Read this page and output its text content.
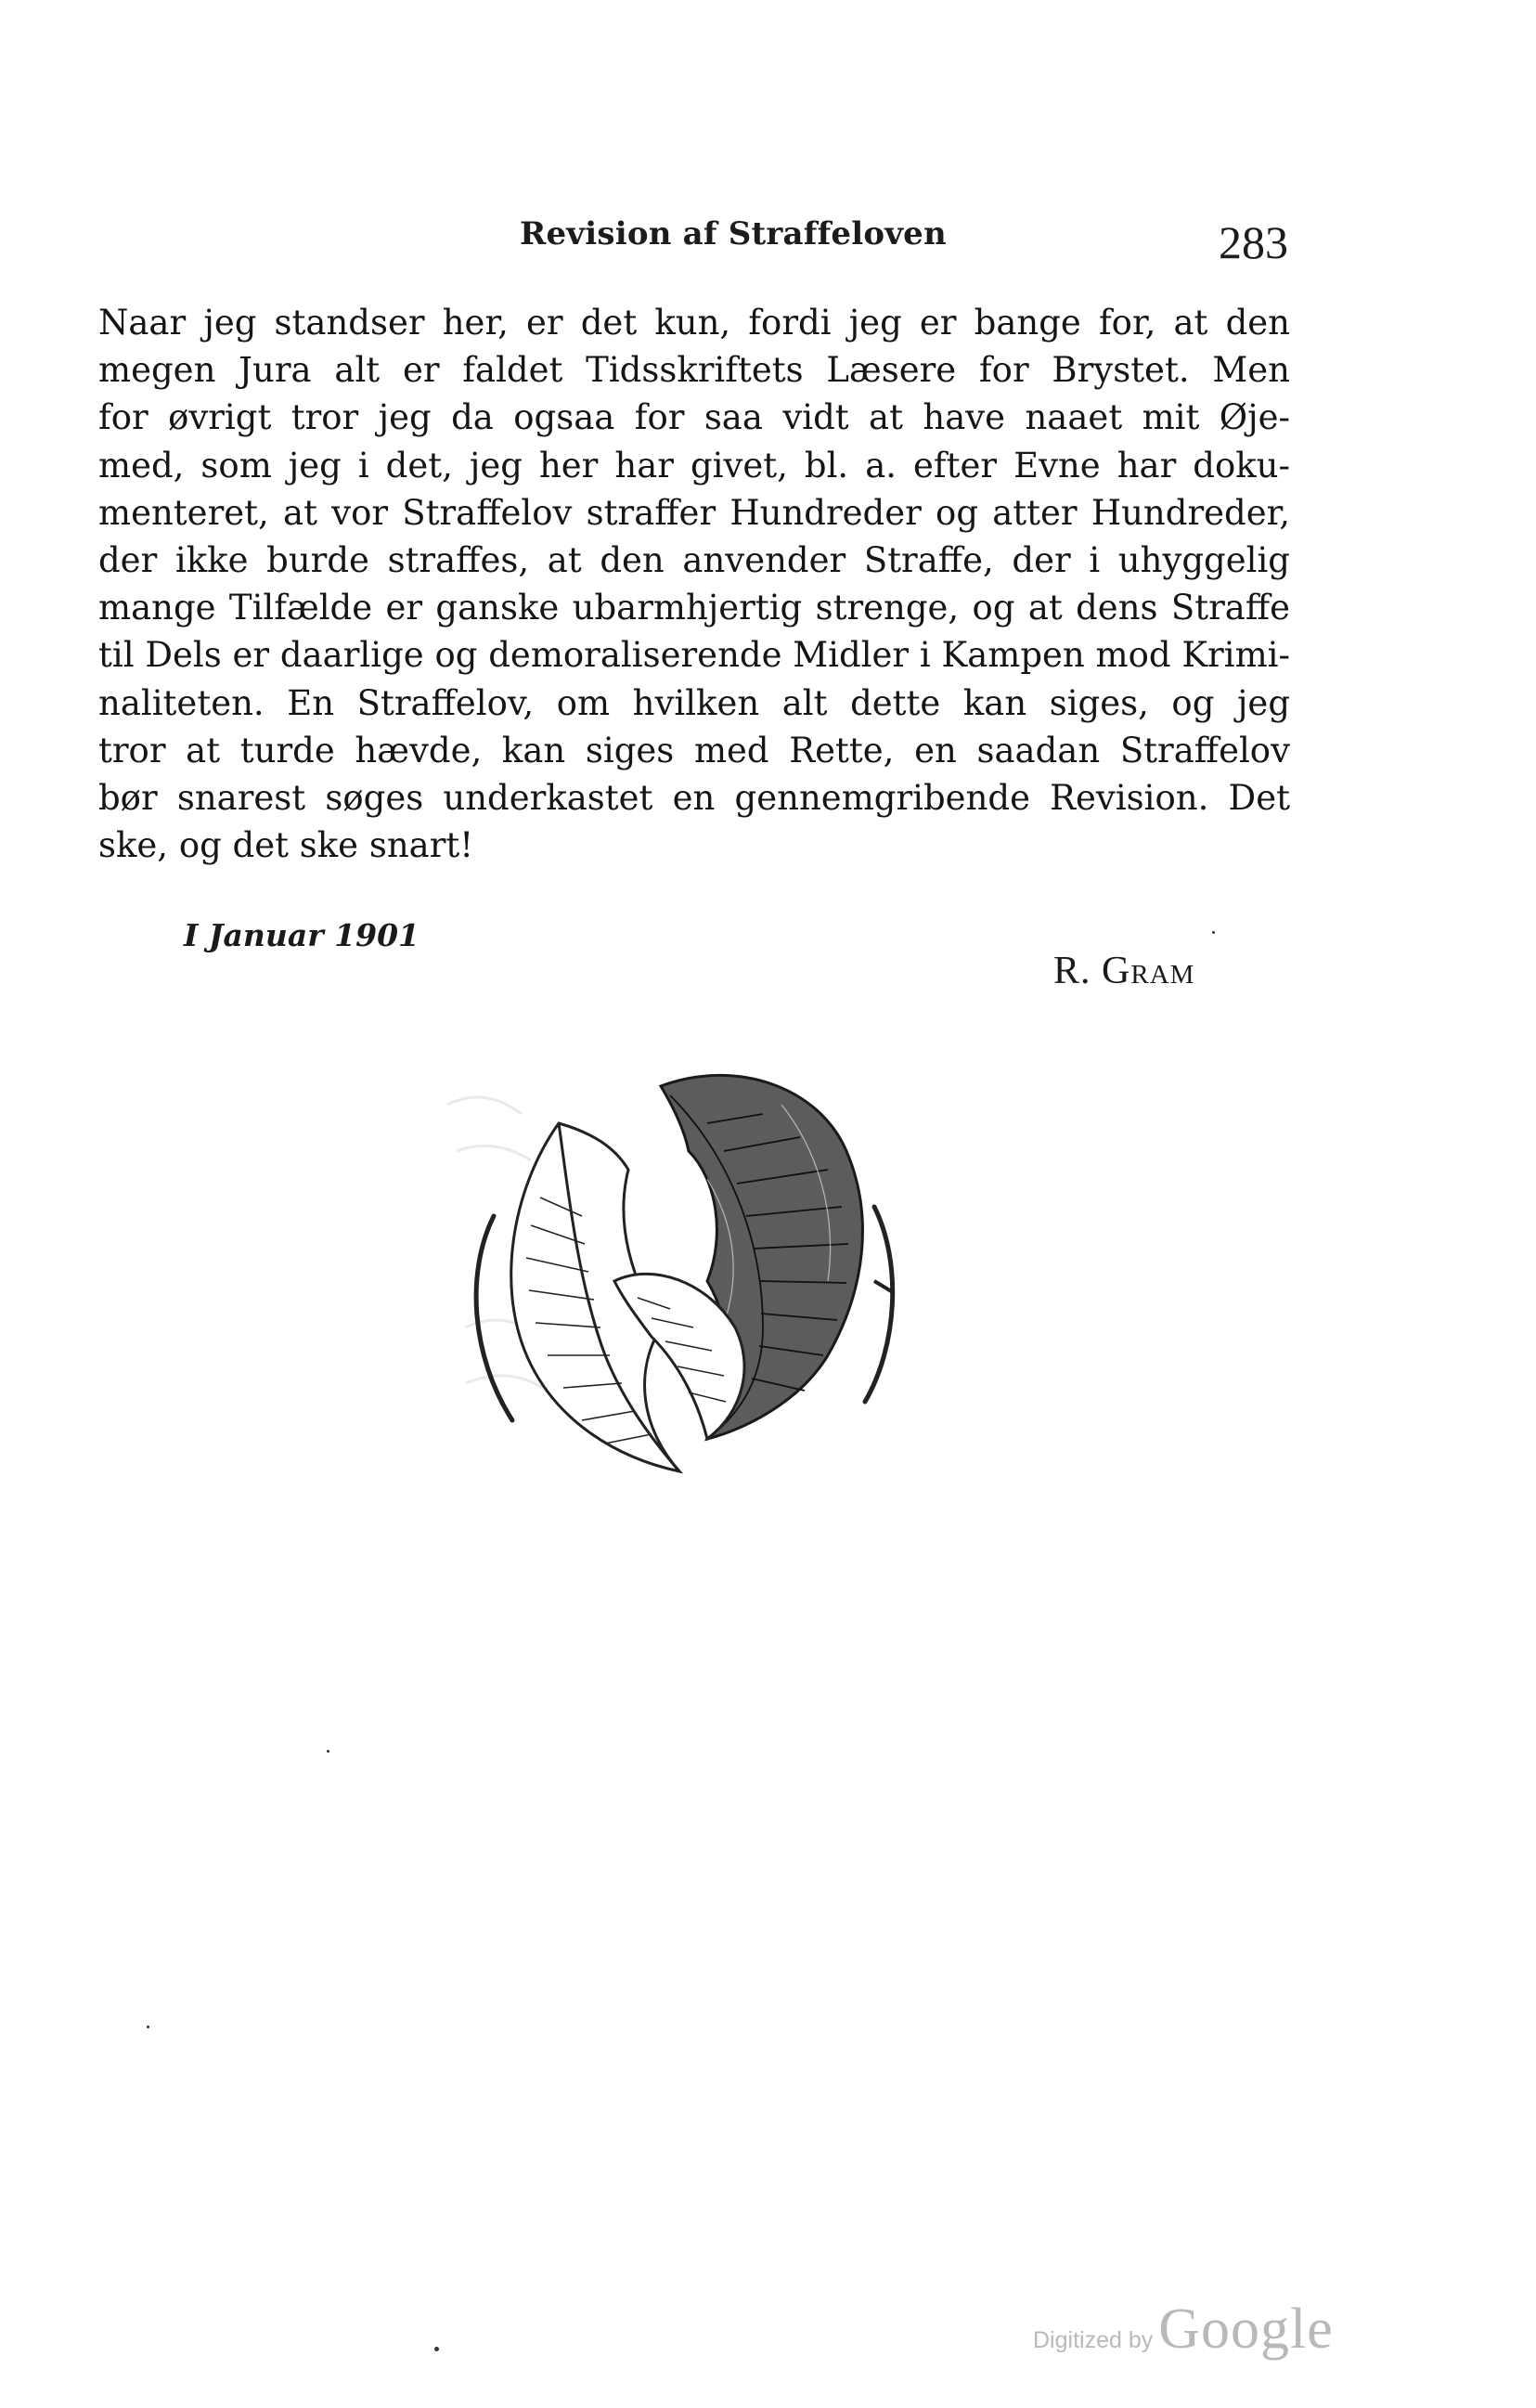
Revision af Straffeloven	283
Naar jeg standser her, er det kun, fordi jeg er bange for, at den
megen Jura alt er faldet Tidsskriftets Læsere for Brystet. Men
for øvrigt tror jeg da ogsaa for saa vidt at have naaet mit Øje-
med, som jeg i det, jeg her har givet, bl. a. efter Evne har doku-
menteret, at vor Straffelov straffer Hundreder og atter Hundreder,
der ikke burde straffes, at den anvender Straffe, der i uhyggelig
mange Tilfælde er ganske ubarmhjertig strenge, og at dens Straffe
til Dels er daarlige og demoraliserende Midler i Kampen mod Krimi-
naliteten. En Straffelov, om hvilken alt dette kan siges, og jeg
tror at turde hævde, kan siges med Rette, en saadan Straffelov
bør snarest søges underkastet en gennemgribende Revision. Det
ske, og det ske snart!
I Januar 1901
R. Gram
Digitized byGoogle
